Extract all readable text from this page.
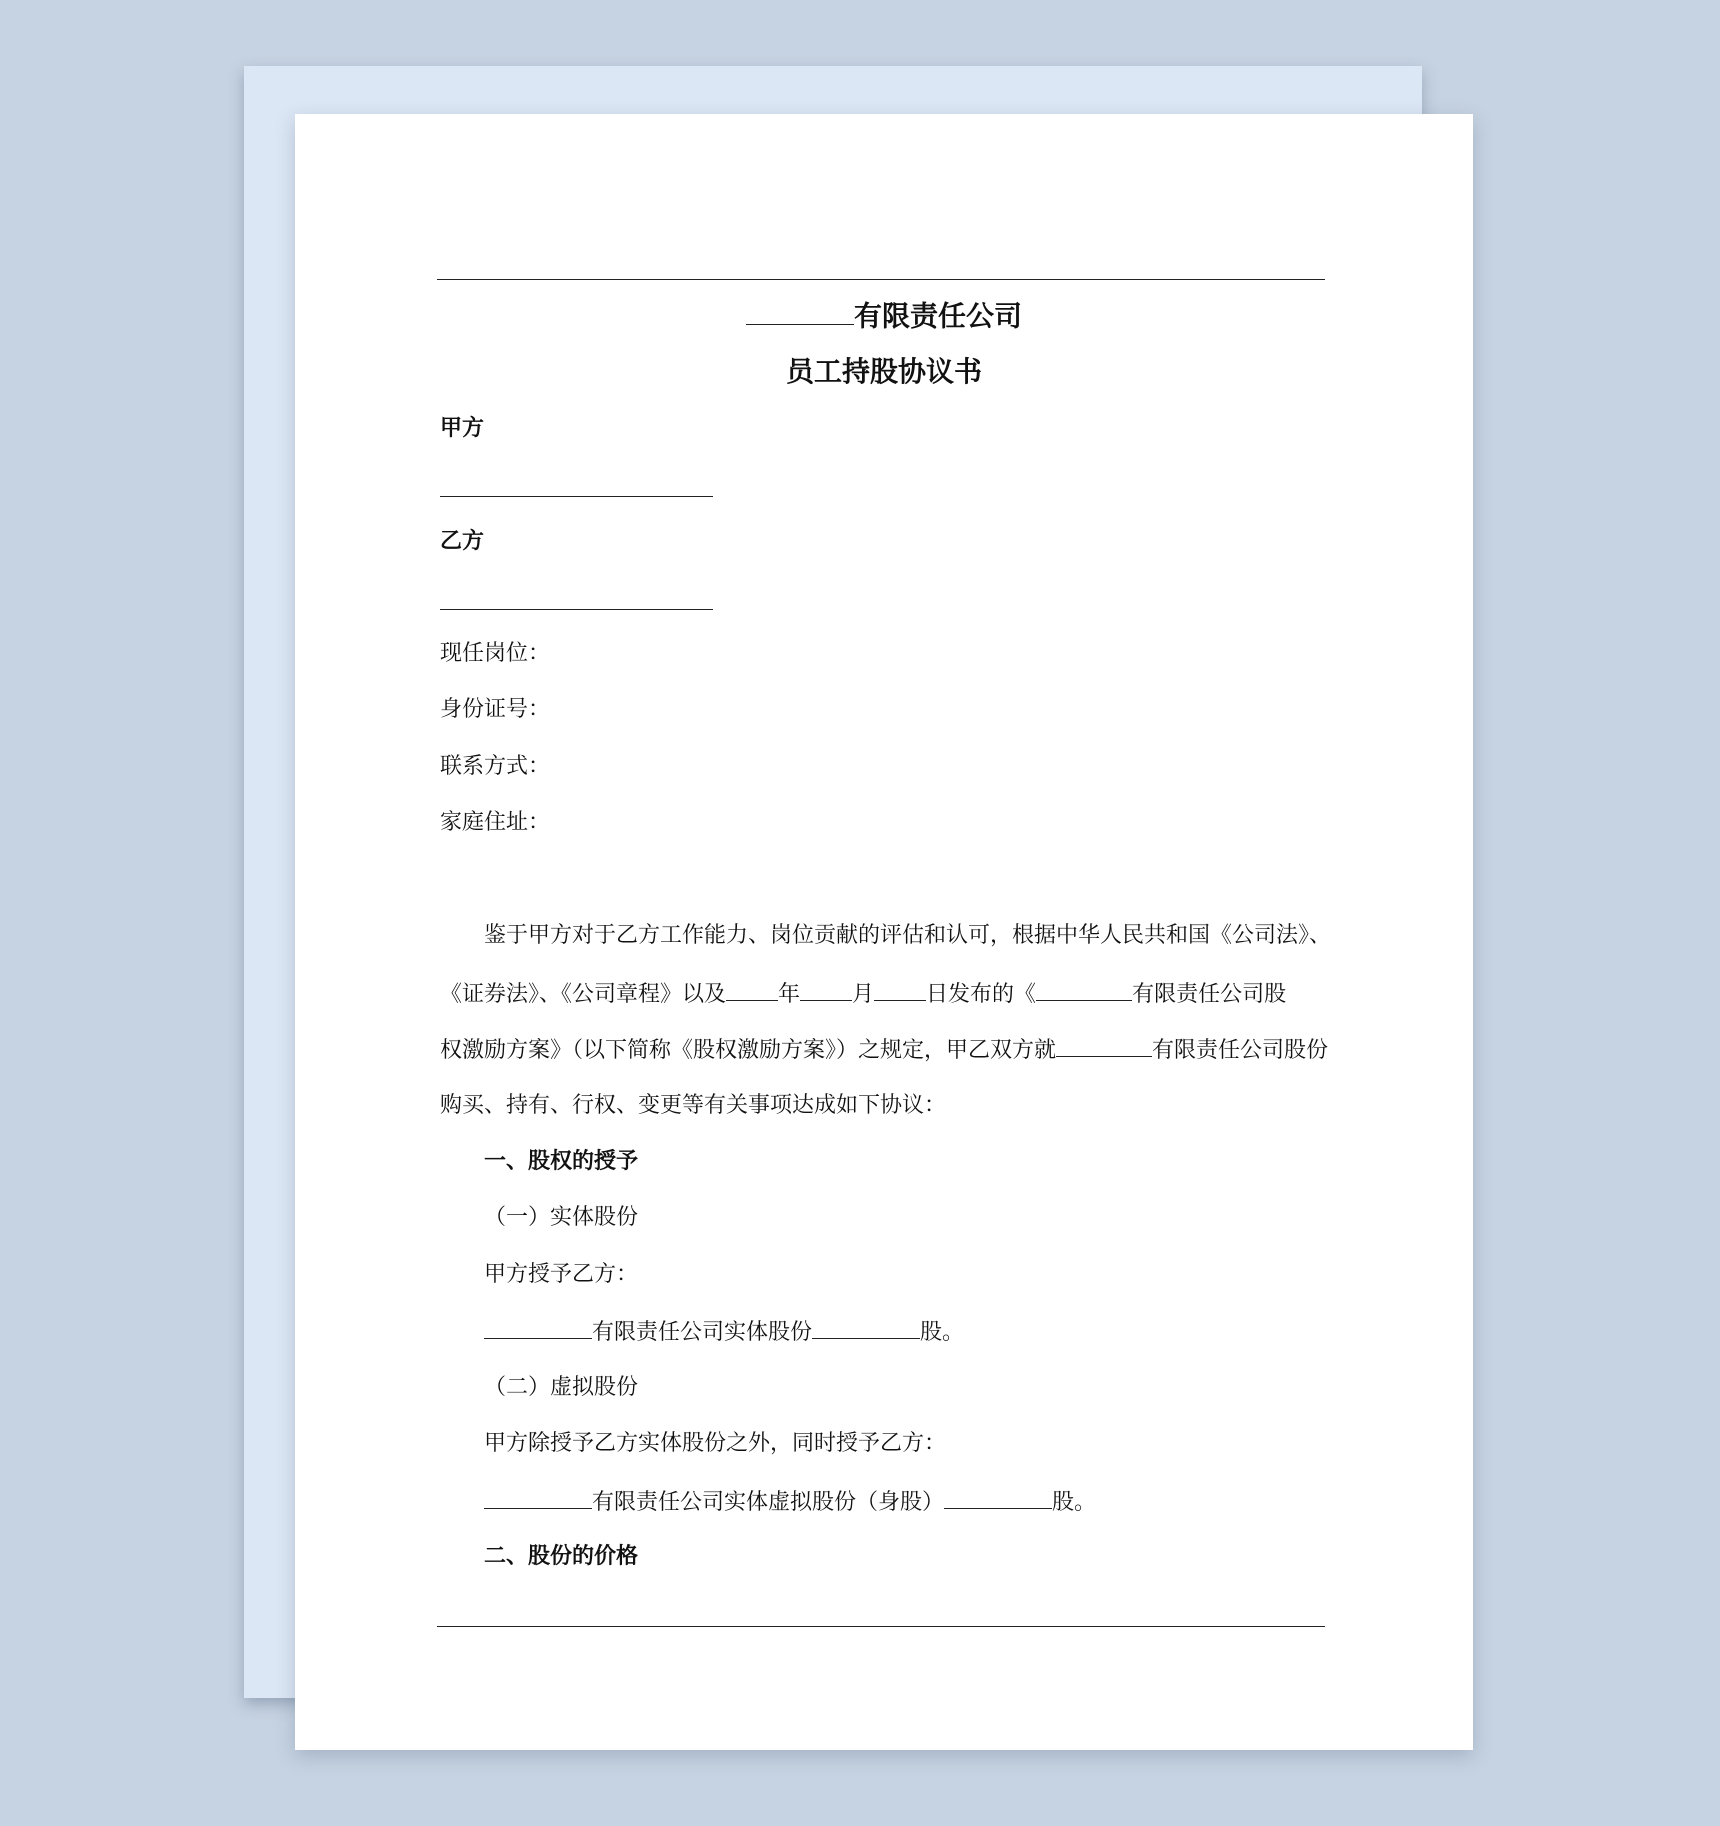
有限责任公司
员工持股协议书
甲方
乙方
现任岗位：
身份证号：
联系方式：
家庭住址：
鉴于甲方对于乙方工作能力、岗位贡献的评估和认可，根据中华人民共和国《公司法》、
《证券法》、《公司章程》以及 年 月 日发布的《	有限责任公司股
权激励方案》（以下简称《股权激励方案》）之规定，甲乙双方就	有限责任公司股份
购买、持有、行权、变更等有关事项达成如下协议：
一、股权的授予
（一）实体股份
甲方授予乙方：
有限责任公司实体股份	股。
（二）虚拟股份
甲方除授予乙方实体股份之外，同时授予乙方：
有限责任公司实体虚拟股份（身股）	股。
二、股份的价格
